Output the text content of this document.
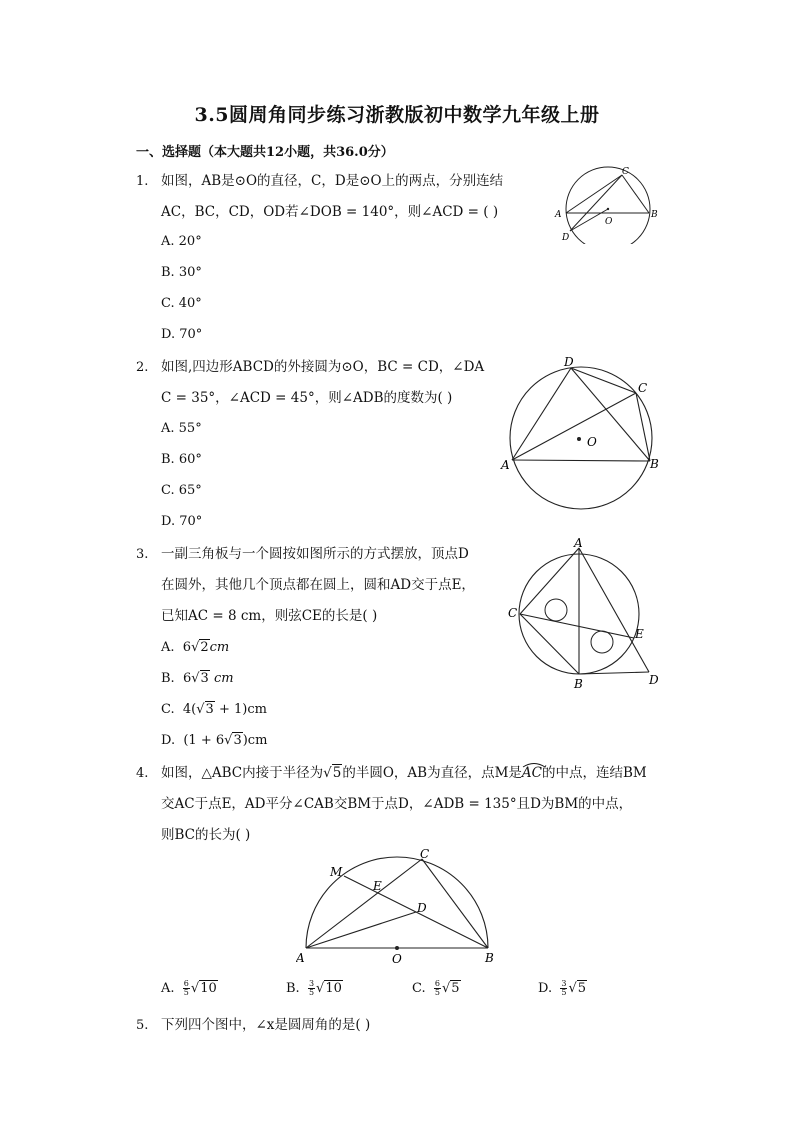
3.5圆周角同步练习浙教版初中数学九年级上册
一、选择题（本大题共12小题，共36.0分）
1. 如图，AB是⊙O的直径，C，D是⊙O上的两点，分别连结
AC，BC，CD，OD若∠DOB = 140°，则∠ACD = ( )
A. 20°
B. 30°
C. 40°
D. 70°
A	B
C
D
O
2. 如图,四边形ABCD的外接圆为⊙O，BC = CD，∠DA
C = 35°，∠ACD = 45°，则∠ADB的度数为( )
A. 55°
B. 60°
C. 65°
D. 70°
A	B
C
D
O
3. 一副三角板与一个圆按如图所示的方式摆放，顶点D
在圆外，其他几个顶点都在圆上，圆和AD交于点E，
已知AC = 8 cm，则弦CE的长是( )
A. 6√2cm
B. 6√3 cm
C. 4(√3 + 1)cm
D. (1 + 6√3)cm
A
B
C
D
E
4. 如图，△ABC内接于半径为√5的半圆O，AB为直径，点M是
AC的中点，连结BM
交AC于点E，AD平分∠CAB交BM于点D，∠ADB = 135°且D为BM的中点，
则BC的长为( )
A	B
C
D
E
M
O
A. $\frac{6}{5} √10$	B. $\frac{3}{5} √10$	C. $\frac{6}{5} √5$	D. $\frac{3}{5} √5$
5. 下列四个图中，∠x是圆周角的是( )
